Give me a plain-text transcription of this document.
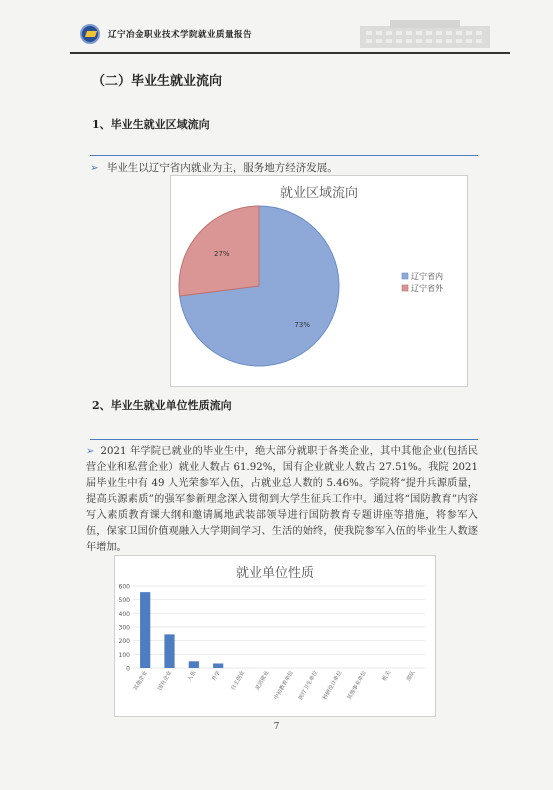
辽宁冶金职业技术学院就业质量报告
（二）毕业生就业流向
1、毕业生就业区域流向
➢ 毕业生以辽宁省内就业为主，服务地方经济发展。
就业区域流向
73%
27%
辽宁省内
辽宁省外
2、毕业生就业单位性质流向
➢ 2021 年学院已就业的毕业生中，绝大部分就职于各类企业，其中其他企业(包括民营企业和私营企业）就业人数占 61.92%，国有企业就业人数占 27.51%。我院 2021 届毕业生中有 49 人光荣参军入伍，占就业总人数的 5.46%。学院将“提升兵源质量，提高兵源素质”的强军参新理念深入贯彻到大学生征兵工作中。通过将“国防教育”内容写入素质教育课大纲和邀请属地武装部领导进行国防教育专题讲座等措施，将参军入伍，保家卫国价值观融入大学期间学习、生活的始终，使我院参军入伍的毕业生人数逐年增加。
就业单位性质
0
100
200
300
400
500
600
其他企业	国有企业	入伍	升学	自主创业	灵活就业 中初教育单位 医疗卫生单位 科研设计单位 其他事业单位	机关	部队
7
